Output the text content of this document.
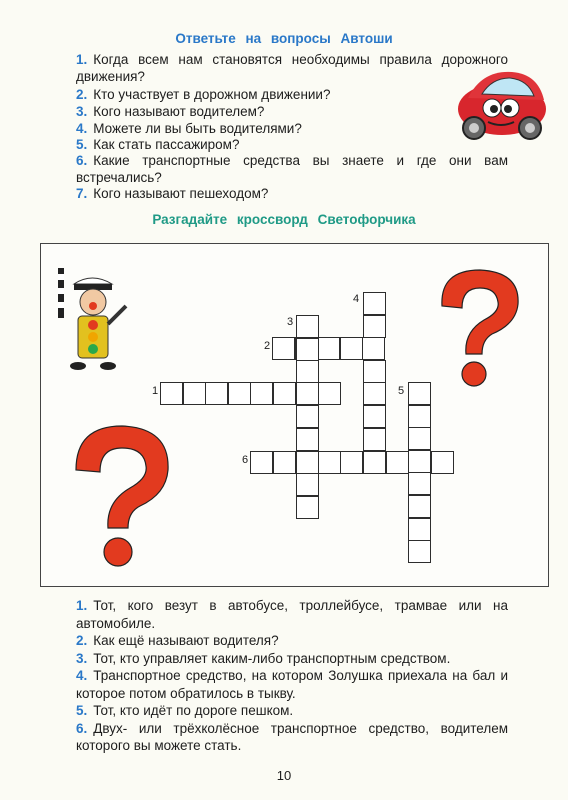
Ответьте на вопросы Автоши
1. Когда всем нам становятся необходимы правила дорожного движения?
2. Кто участвует в дорожном движении?
3. Кого называют водителем?
4. Можете ли вы быть водителями?
5. Как стать пассажиром?
6. Какие транспортные средства вы знаете и где они вам встречались?
7. Кого называют пешеходом?
Разгадайте кроссворд Светофорчика
1
2
3
4
5
6

1. Тот, кого везут в автобусе, троллейбусе, трамвае или на автомобиле.

2. Как ещё называют водителя?

3. Тот, кто управляет каким-либо транспортным средством.

4. Транспортное средство, на котором Золушка приехала на бал и которое потом обратилось в тыкву.

5. Тот, кто идёт по дороге пешком.

6. Двух- или трёхколёсное транспортное средство, водителем которого вы можете стать.

10
